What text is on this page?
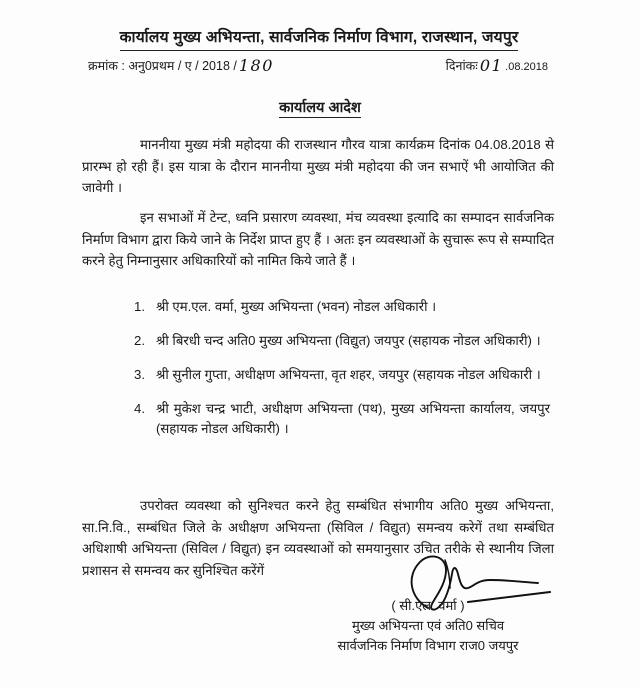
कार्यालय मुख्य अभियन्ता, सार्वजनिक निर्माण विभाग, राजस्थान, जयपुर
क्रमांक : अनु0प्रथम / ए / 2018 / 180	दिनांकः 01 .08.2018
कार्यालय आदेश

माननीया मुख्य मंत्री महोदया की राजस्थान गौरव यात्रा कार्यक्रम दिनांक 04.08.2018 से प्रारम्भ हो रही हैं। इस यात्रा के दौरान माननीया मुख्य मंत्री महोदया की जन सभाऐं भी आयोजित की जावेगी ।

इन सभाओं में टेन्ट, ध्वनि प्रसारण व्यवस्था, मंच व्यवस्था इत्यादि का सम्पादन सार्वजनिक निर्माण विभाग द्वारा किये जाने के निर्देश प्राप्त हुए हैं । अतः इन व्यवस्थाओं के सुचारू रूप से सम्पादित करने हेतु निम्नानुसार अधिकारियों को नामित किये जाते हैं ।

1. श्री एम.एल. वर्मा, मुख्य अभियन्ता (भवन) नोडल अधिकारी ।
2. श्री बिरधी चन्द अति0 मुख्य अभियन्ता (विद्युत) जयपुर (सहायक नोडल अधिकारी) ।
3. श्री सुनील गुप्ता, अधीक्षण अभियन्ता, वृत शहर, जयपुर (सहायक नोडल अधिकारी ।
4. श्री मुकेश चन्द्र भाटी, अधीक्षण अभियन्ता (पथ), मुख्य अभियन्ता कार्यालय, जयपुर (सहायक नोडल अधिकारी) ।

उपरोक्त व्यवस्था को सुनिश्चत करने हेतु सम्बंधित संभागीय अति0 मुख्य अभियन्ता, सा.नि.वि., सम्बंधित जिले के अधीक्षण अभियन्ता (सिविल / विद्युत) समन्वय करेगें तथा सम्बंधित अधिशाषी अभियन्ता (सिविल / विद्युत) इन व्यवस्थाओं को समयानुसार उचित तरीके से स्थानीय जिला प्रशासन से समन्वय कर सुनिश्चित करेंगें

( सी.एल. वर्मा )
मुख्य अभियन्ता एवं अति0 सचिव
सार्वजनिक निर्माण विभाग राज0 जयपुर
